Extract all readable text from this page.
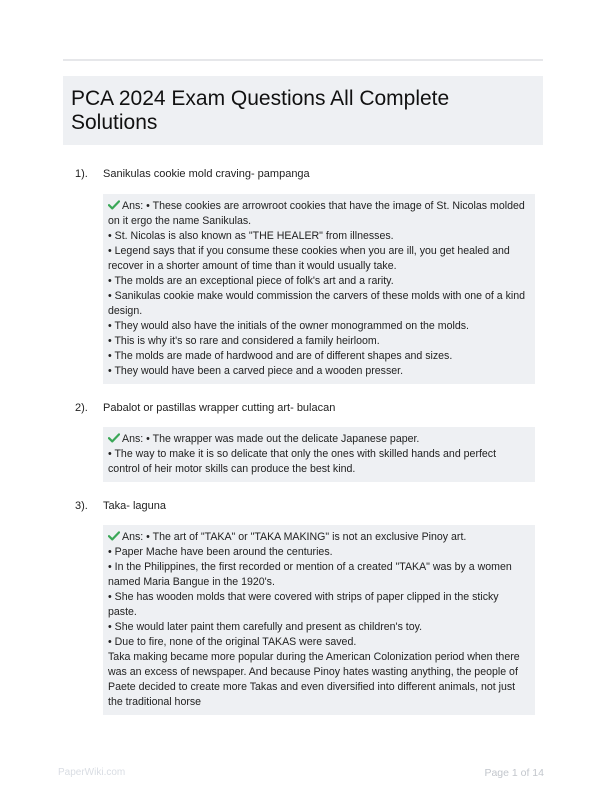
PCA 2024 Exam Questions All Complete
Solutions
1). Sanikulas cookie mold craving- pampanga

Ans: • These cookies are arrowroot cookies that have the image of St. Nicolas molded

on it ergo the name Sanikulas.

• St. Nicolas is also known as "THE HEALER" from illnesses.

• Legend says that if you consume these cookies when you are ill, you get healed and

recover in a shorter amount of time than it would usually take.

• The molds are an exceptional piece of folk's art and a rarity.

• Sanikulas cookie make would commission the carvers of these molds with one of a kind

design.

• They would also have the initials of the owner monogrammed on the molds.

• This is why it's so rare and considered a family heirloom.

• The molds are made of hardwood and are of different shapes and sizes.

• They would have been a carved piece and a wooden presser.

2). Pabalot or pastillas wrapper cutting art- bulacan

Ans: • The wrapper was made out the delicate Japanese paper.

• The way to make it is so delicate that only the ones with skilled hands and perfect

control of heir motor skills can produce the best kind.

3). Taka- laguna

Ans: • The art of "TAKA" or "TAKA MAKING" is not an exclusive Pinoy art.

• Paper Mache have been around the centuries.

• In the Philippines, the first recorded or mention of a created "TAKA" was by a women

named Maria Bangue in the 1920's.

• She has wooden molds that were covered with strips of paper clipped in the sticky

paste.

• She would later paint them carefully and present as children's toy.

• Due to fire, none of the original TAKAS were saved.

Taka making became more popular during the American Colonization period when there

was an excess of newspaper. And because Pinoy hates wasting anything, the people of

Paete decided to create more Takas and even diversified into different animals, not just

the traditional horse

PaperWiki.com	Page 1 of 14
